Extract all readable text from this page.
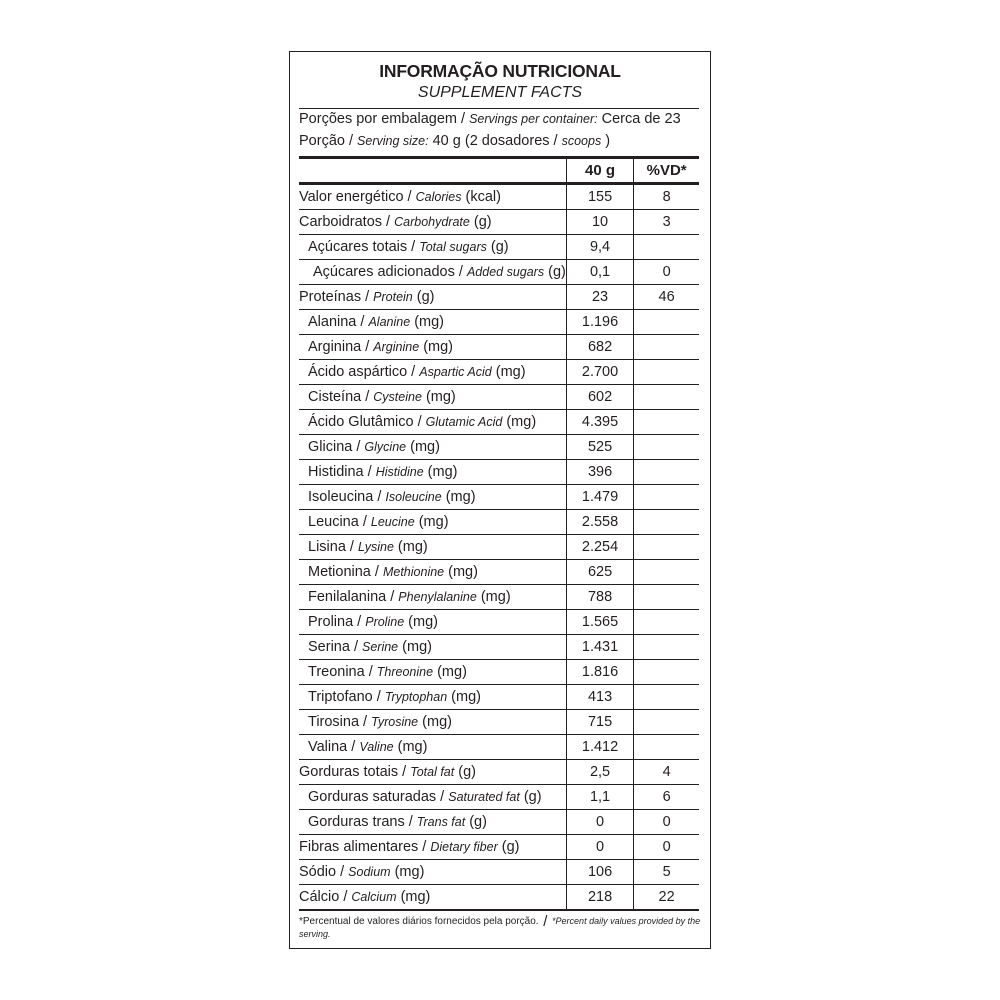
INFORMAÇÃO NUTRICIONAL
SUPPLEMENT FACTS
Porções por embalagem / Servings per container: Cerca de 23
Porção / Serving size: 40 g (2 dosadores / scoops )
	40 g	%VD*
Valor energético / Calories (kcal)	155	8
Carboidratos / Carbohydrate (g)	10	3
Açúcares totais / Total sugars (g)	9,4	
Açúcares adicionados / Added sugars (g)	0,1	0
Proteínas / Protein (g)	23	46
Alanina / Alanine (mg)	1.196	
Arginina / Arginine (mg)	682	
Ácido aspártico / Aspartic Acid (mg)	2.700	
Cisteína / Cysteine (mg)	602	
Ácido Glutâmico / Glutamic Acid (mg)	4.395	
Glicina / Glycine (mg)	525	
Histidina / Histidine (mg)	396	
Isoleucina / Isoleucine (mg)	1.479	
Leucina / Leucine (mg)	2.558	
Lisina / Lysine (mg)	2.254	
Metionina / Methionine (mg)	625	
Fenilalanina / Phenylalanine (mg)	788	
Prolina / Proline (mg)	1.565	
Serina / Serine (mg)	1.431	
Treonina / Threonine (mg)	1.816	
Triptofano / Tryptophan (mg)	413	
Tirosina / Tyrosine (mg)	715	
Valina / Valine (mg)	1.412	
Gorduras totais / Total fat (g)	2,5	4
Gorduras saturadas / Saturated fat (g)	1,1	6
Gorduras trans / Trans fat (g)	0	0
Fibras alimentares / Dietary fiber (g)	0	0
Sódio / Sodium (mg)	106	5
Cálcio / Calcium (mg)	218	22
*Percentual de valores diários fornecidos pela porção. / *Percent daily values provided by the serving.
